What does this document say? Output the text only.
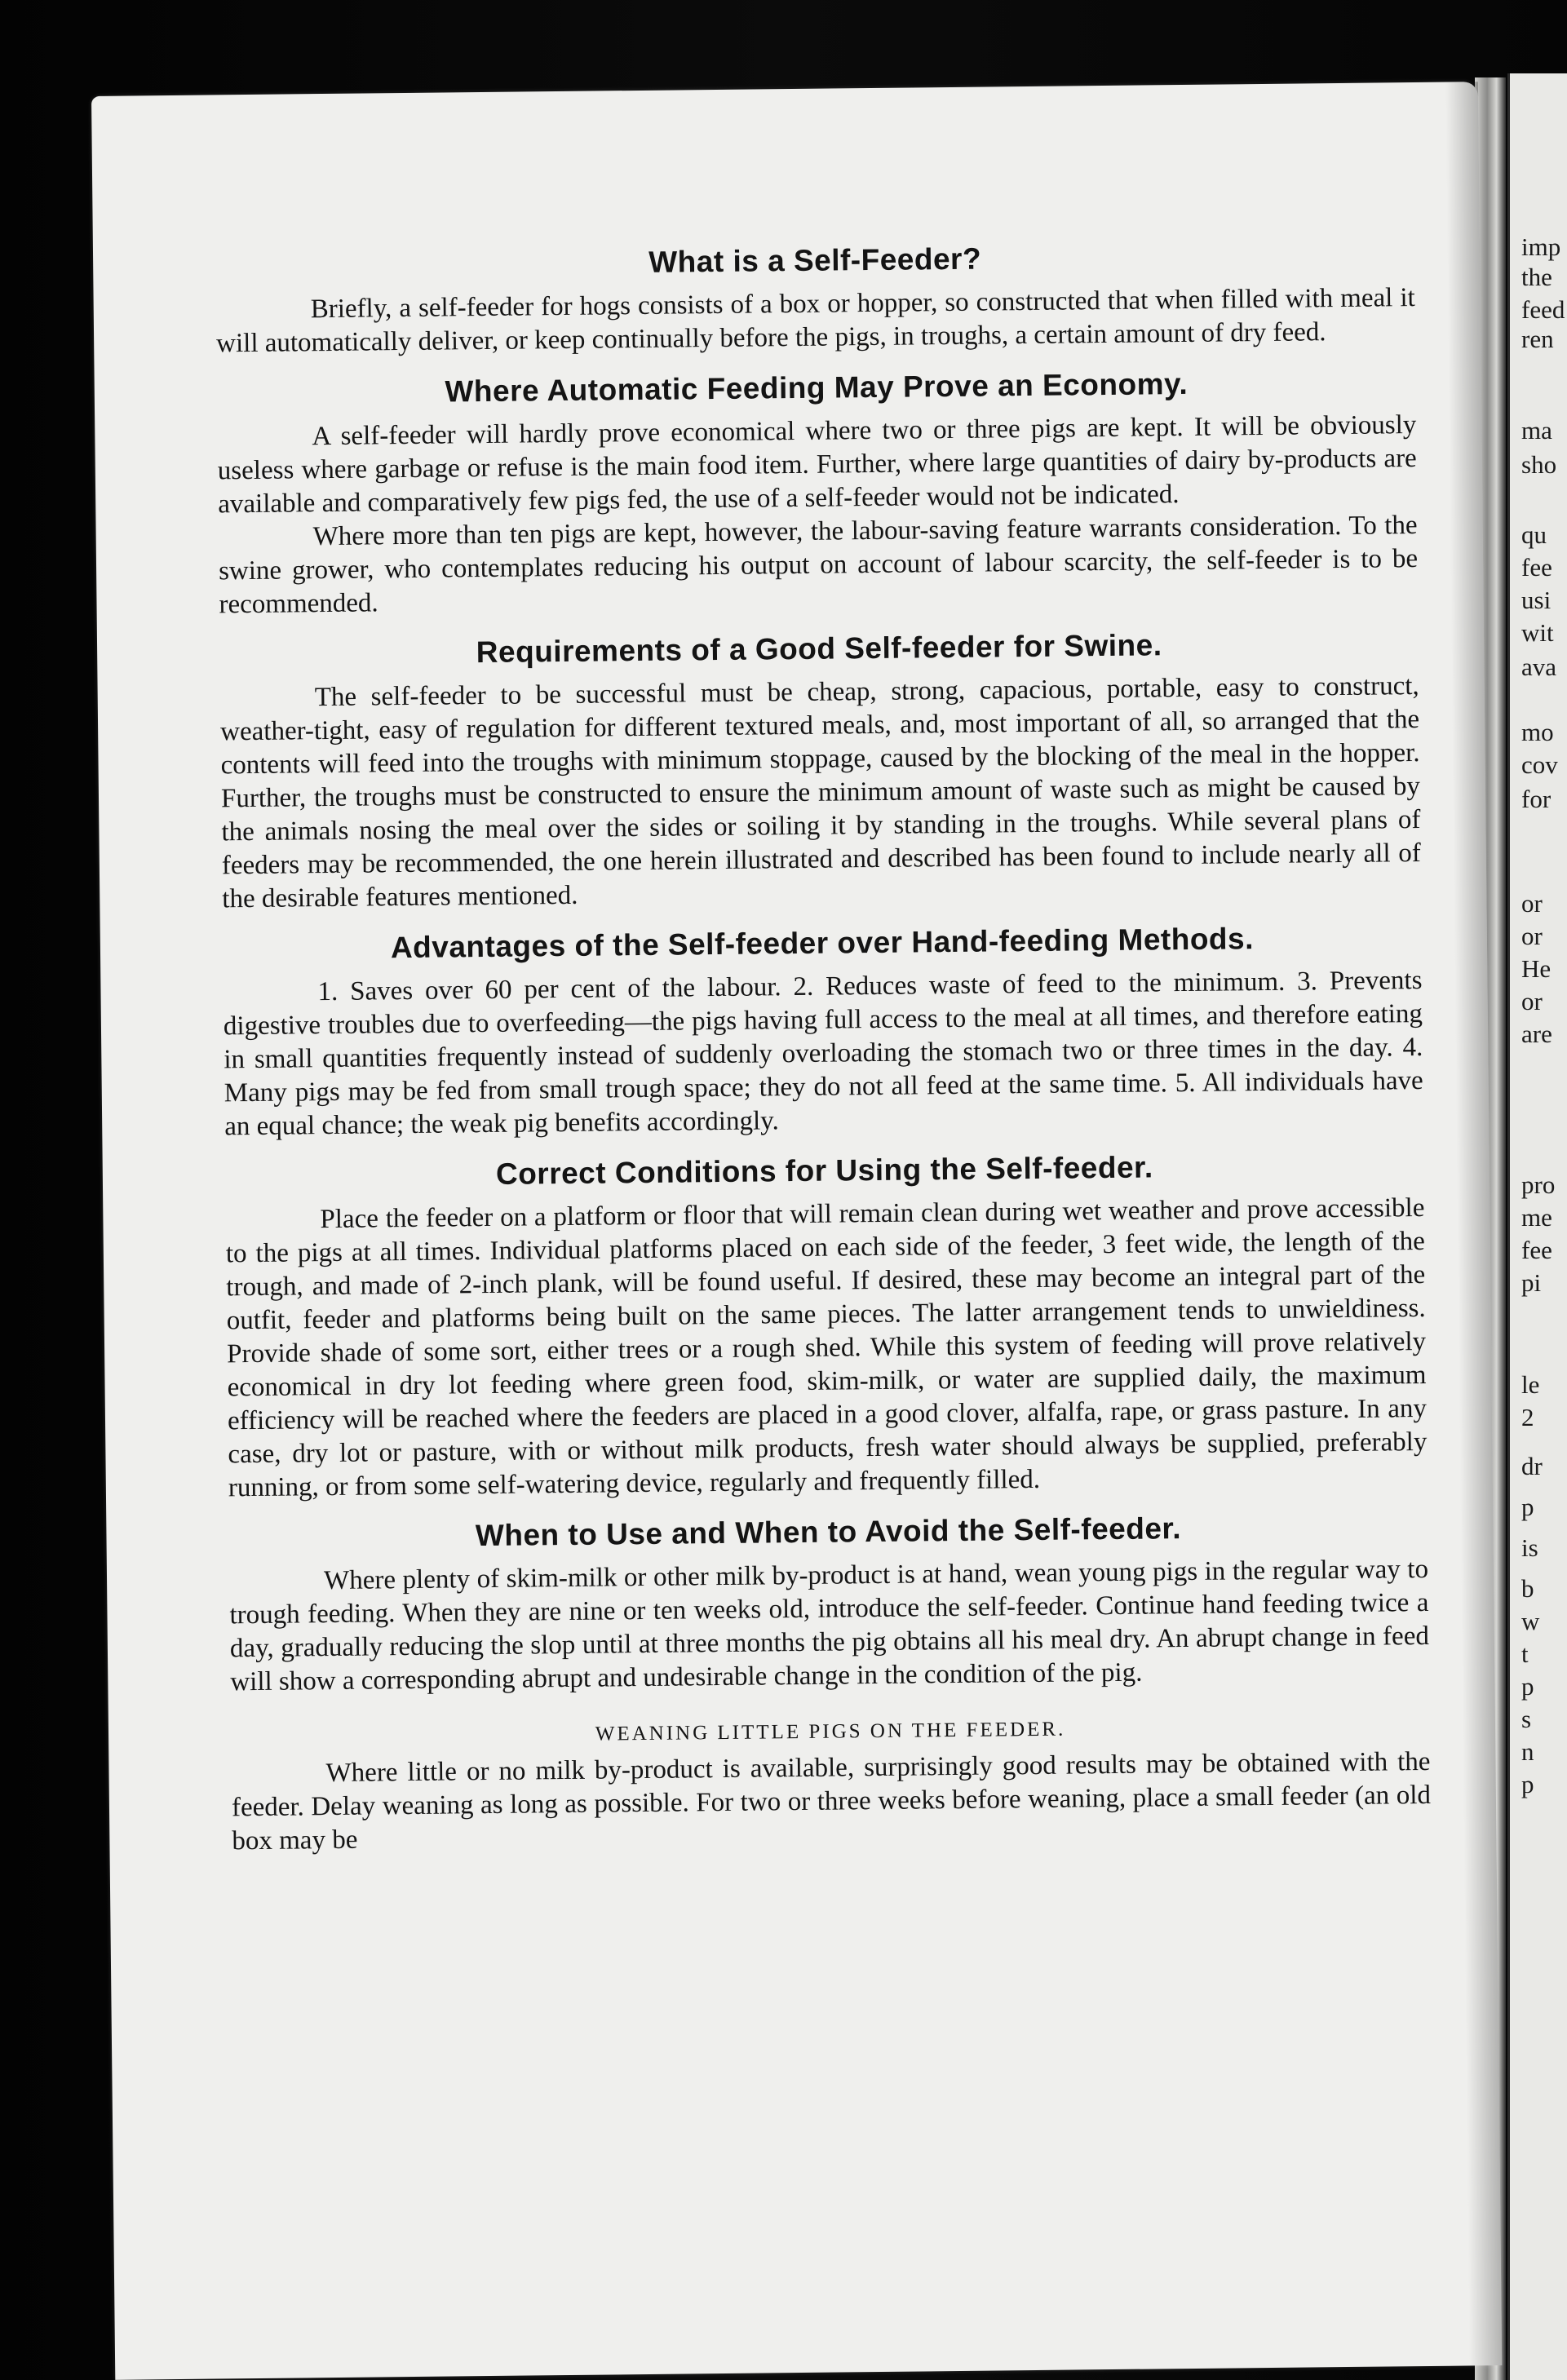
imp
the
feed
ren
ma
sho
qu
fee
usi
wit
ava
mo
cov
for
or
or
He
or
are
pro
me
fee
pi
le
2
dr
p
is
b
w
t
p
s
n
p
What is a Self-Feeder?

Briefly, a self-feeder for hogs consists of a box or hopper, so constructed that when filled with meal it will automatically deliver, or keep continually before the pigs, in troughs, a certain amount of dry feed.

Where Automatic Feeding May Prove an Economy.

A self-feeder will hardly prove economical where two or three pigs are kept. It will be obviously useless where garbage or refuse is the main food item. Further, where large quantities of dairy by-products are available and comparatively few pigs fed, the use of a self-feeder would not be indicated.

Where more than ten pigs are kept, however, the labour-saving feature warrants consideration. To the swine grower, who contemplates reducing his output on account of labour scarcity, the self-feeder is to be recommended.

Requirements of a Good Self-feeder for Swine.

The self-feeder to be successful must be cheap, strong, capacious, portable, easy to construct, weather-tight, easy of regulation for different textured meals, and, most important of all, so arranged that the contents will feed into the troughs with minimum stoppage, caused by the blocking of the meal in the hopper. Further, the troughs must be constructed to ensure the minimum amount of waste such as might be caused by the animals nosing the meal over the sides or soiling it by standing in the troughs. While several plans of feeders may be recommended, the one herein illustrated and described has been found to include nearly all of the desirable features mentioned.

Advantages of the Self-feeder over Hand-feeding Methods.

1. Saves over 60 per cent of the labour. 2. Reduces waste of feed to the minimum. 3. Prevents digestive troubles due to overfeeding—the pigs having full access to the meal at all times, and therefore eating in small quantities frequently instead of suddenly overloading the stomach two or three times in the day. 4. Many pigs may be fed from small trough space; they do not all feed at the same time. 5. All individuals have an equal chance; the weak pig benefits accordingly.

Correct Conditions for Using the Self-feeder.

Place the feeder on a platform or floor that will remain clean during wet weather and prove accessible to the pigs at all times. Individual platforms placed on each side of the feeder, 3 feet wide, the length of the trough, and made of 2-inch plank, will be found useful. If desired, these may become an integral part of the outfit, feeder and platforms being built on the same pieces. The latter arrangement tends to unwieldiness. Provide shade of some sort, either trees or a rough shed. While this system of feeding will prove relatively economical in dry lot feeding where green food, skim-milk, or water are supplied daily, the maximum efficiency will be reached where the feeders are placed in a good clover, alfalfa, rape, or grass pasture. In any case, dry lot or pasture, with or without milk products, fresh water should always be supplied, preferably running, or from some self-watering device, regularly and frequently filled.

When to Use and When to Avoid the Self-feeder.

Where plenty of skim-milk or other milk by-product is at hand, wean young pigs in the regular way to trough feeding. When they are nine or ten weeks old, introduce the self-feeder. Continue hand feeding twice a day, gradually reducing the slop until at three months the pig obtains all his meal dry. An abrupt change in feed will show a corresponding abrupt and undesirable change in the condition of the pig.

WEANING LITTLE PIGS ON THE FEEDER.

Where little or no milk by-product is available, surprisingly good results may be obtained with the feeder. Delay weaning as long as possible. For two or three weeks before weaning, place a small feeder (an old box may be
